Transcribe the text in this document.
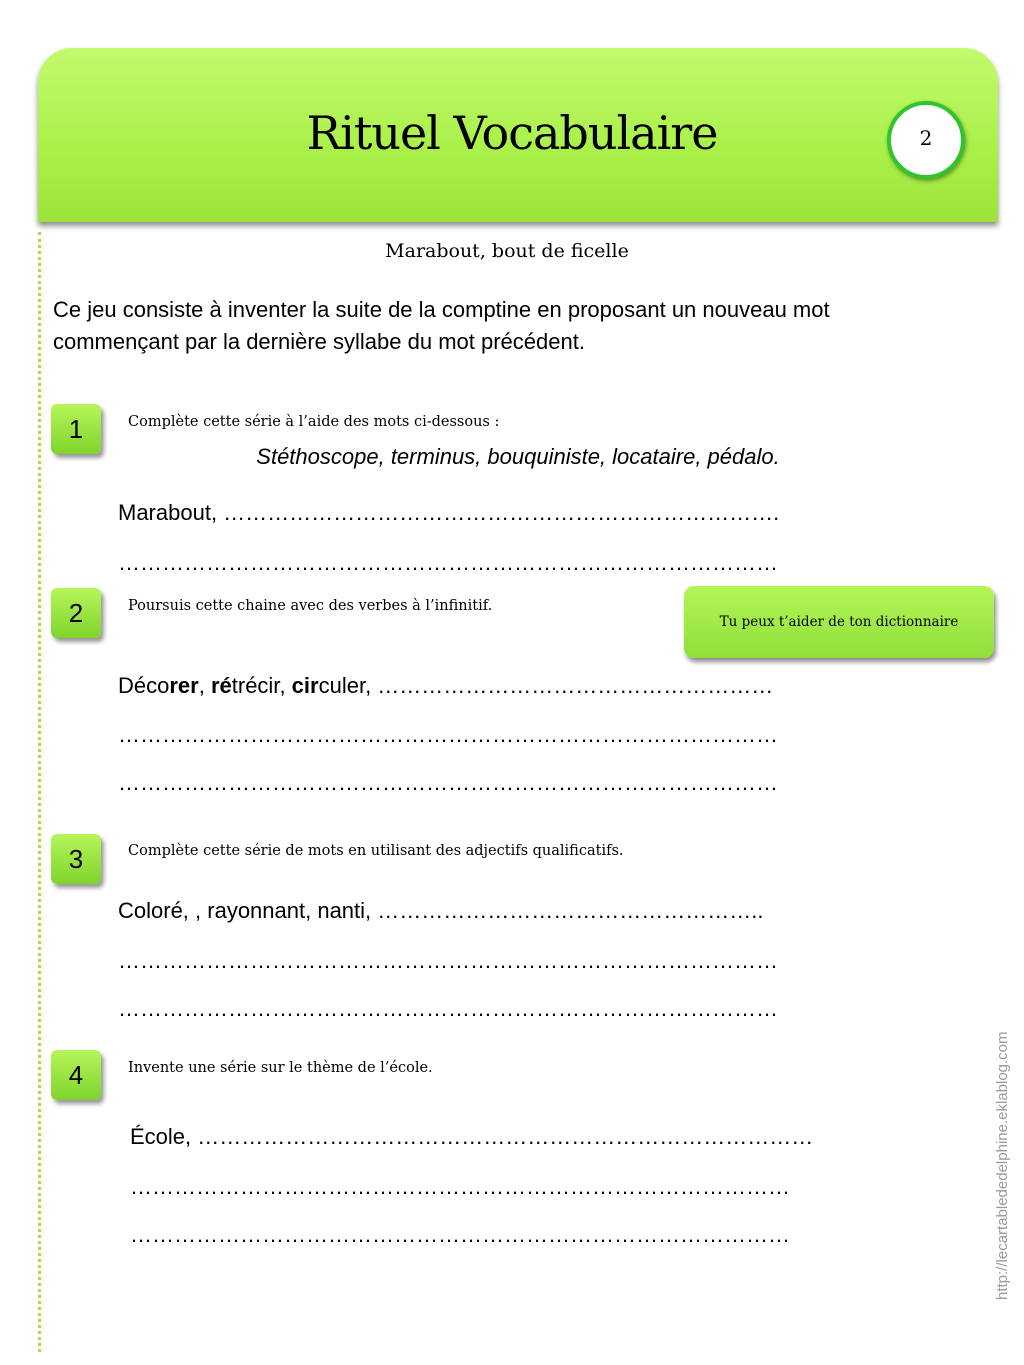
Rituel Vocabulaire	2
Marabout, bout de ficelle
Ce jeu consiste à inventer la suite de la comptine en proposant un nouveau mot commençant par la dernière syllabe du mot précédent.
1	Complète cette série à l’aide des mots ci-dessous :
Stéthoscope, terminus, bouquiniste, locataire, pédalo.
Marabout, ………………………………………………………………….
………………………………………………………………………………
2	Poursuis cette chaine avec des verbes à l’infinitif.
Tu peux t’aider de ton dictionnaire
Décorer, rétrécir, circuler, ………………………………………………
………………………………………………………………………………
………………………………………………………………………………
3	Complète cette série de mots en utilisant des adjectifs qualificatifs.
Coloré, , rayonnant, nanti, ……………………………………………..
………………………………………………………………………………
………………………………………………………………………………
4	Invente une série sur le thème de l’école.
École, …………………………………………………………………………
………………………………………………………………………………
………………………………………………………………………………	http://lecartablededelphine.eklablog.com
